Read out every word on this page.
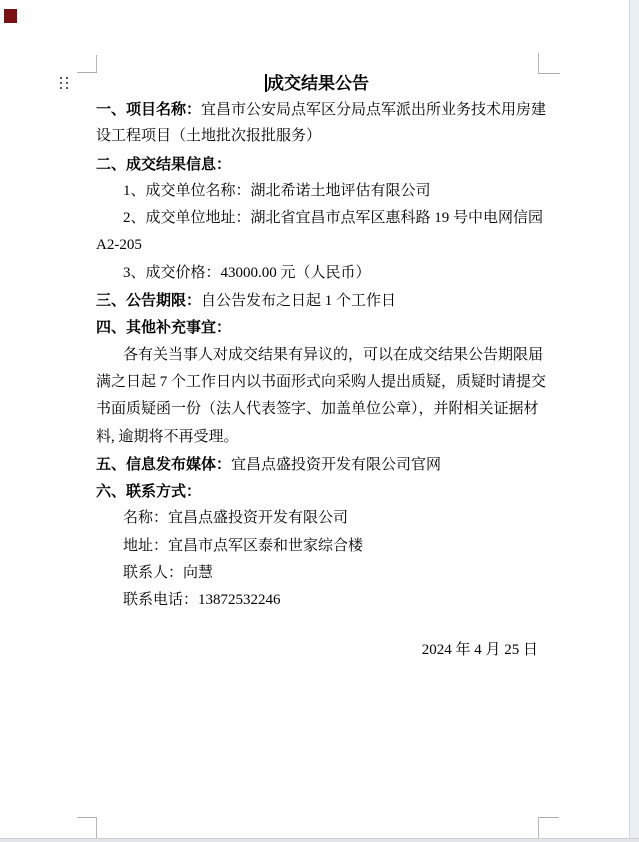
成交结果公告
一、项目名称：宜昌市公安局点军区分局点军派出所业务技术用房建
设工程项目（土地批次报批服务）
二、成交结果信息：
1、成交单位名称：湖北希诺土地评估有限公司
2、成交单位地址：湖北省宜昌市点军区惠科路 19 号中电网信园
A2-205
3、成交价格：43000.00 元（人民币）
三、公告期限：自公告发布之日起 1 个工作日
四、其他补充事宜：
各有关当事人对成交结果有异议的，可以在成交结果公告期限届
满之日起 7 个工作日内以书面形式向采购人提出质疑，质疑时请提交
书面质疑函一份（法人代表签字、加盖单位公章），并附相关证据材
料, 逾期将不再受理。
五、信息发布媒体：宜昌点盛投资开发有限公司官网
六、联系方式：
名称：宜昌点盛投资开发有限公司
地址：宜昌市点军区泰和世家综合楼
联系人：向慧
联系电话：13872532246
2024 年 4 月 25 日
